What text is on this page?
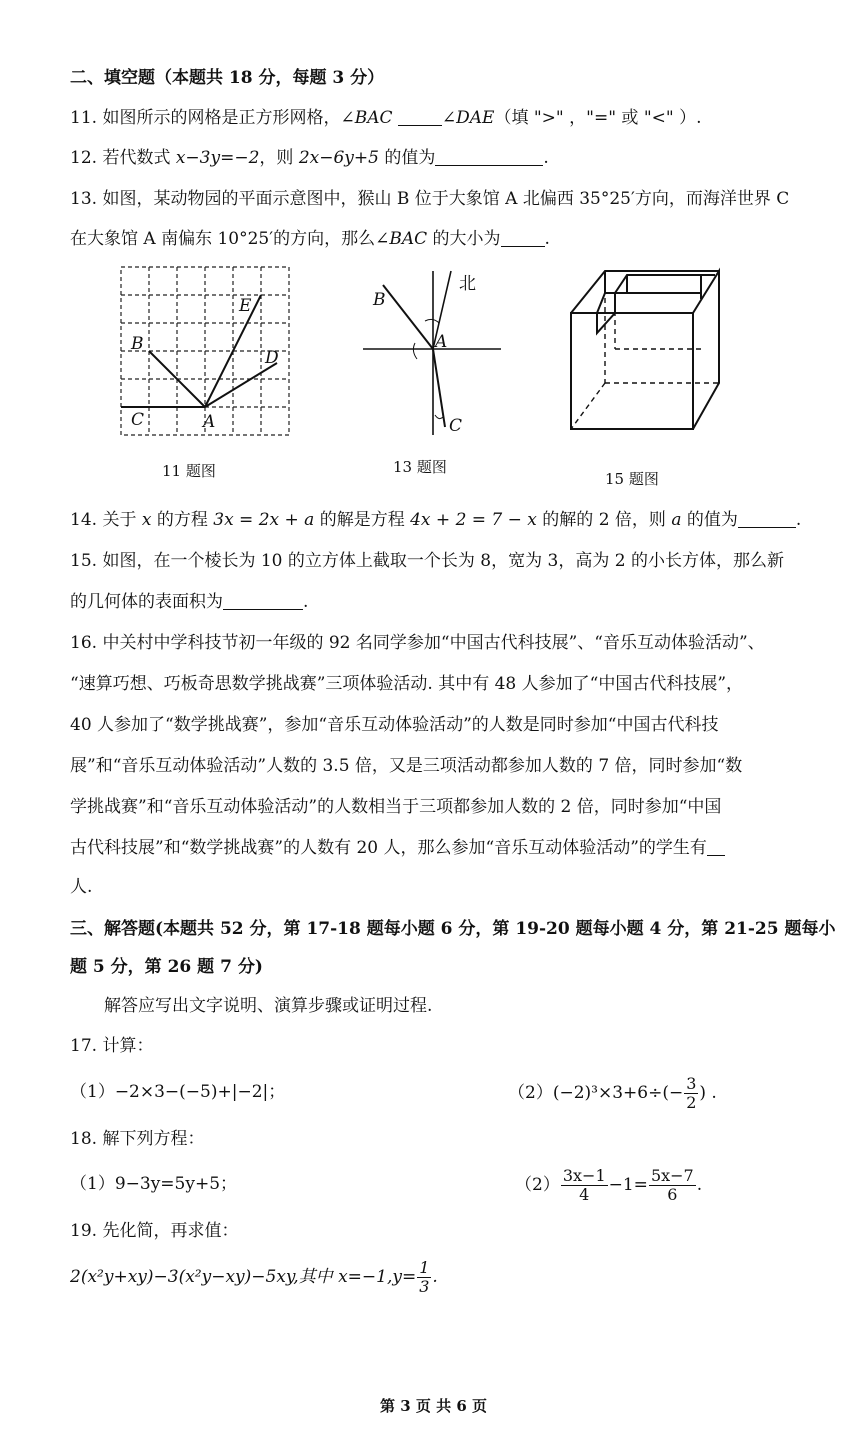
二、填空题（本题共 18 分，每题 3 分）
11. 如图所示的网格是正方形网格，∠BAC	∠DAE（填 ">" ，"=" 或 "<" ）.
12. 若代数式 x−3y=−2，则 2x−6y+5 的值为	.
13. 如图，某动物园的平面示意图中，猴山 B 位于大象馆 A 北偏西 35°25′方向，而海洋世界 C
在大象馆 A 南偏东 10°25′的方向，那么∠BAC 的大小为	.
B
C	A
E
D
11 题图
B
A
C
北
13 题图
15 题图
14. 关于 x 的方程 3x = 2x + a 的解是方程 4x + 2 = 7 − x 的解的 2 倍，则 a 的值为	.
15. 如图，在一个棱长为 10 的立方体上截取一个长为 8，宽为 3，高为 2 的小长方体，那么新
的几何体的表面积为	.
16. 中关村中学科技节初一年级的 92 名同学参加“中国古代科技展”、“音乐互动体验活动”、
“速算巧想、巧板奇思数学挑战赛”三项体验活动. 其中有 48 人参加了“中国古代科技展”，
40 人参加了“数学挑战赛”，参加“音乐互动体验活动”的人数是同时参加“中国古代科技
展”和“音乐互动体验活动”人数的 3.5 倍，又是三项活动都参加人数的 7 倍，同时参加“数
学挑战赛”和“音乐互动体验活动”的人数相当于三项都参加人数的 2 倍，同时参加“中国
古代科技展”和“数学挑战赛”的人数有 20 人，那么参加“音乐互动体验活动”的学生有
人.
三、解答题(本题共 52 分，第 17-18 题每小题 6 分，第 19-20 题每小题 4 分，第 21-25 题每小
题 5 分，第 26 题 7 分)
解答应写出文字说明、演算步骤或证明过程.
17. 计算：
（1）−2×3−(−5)+|−2|；	$(2)(-2)^3\times 3+6\div(- \frac{3}{2}$ ) .
18. 解下列方程：
（1）9−3y=5y+5；	$(2) \frac{3x-1}{4} -1= \frac{5x-7}{6}$ .
19. 先化简，再求值：
2(x²y+xy)−3(x²y−xy)−5xy,其中 $x=-1,y= \frac{1}{3}$ .
第 3 页 共 6 页
